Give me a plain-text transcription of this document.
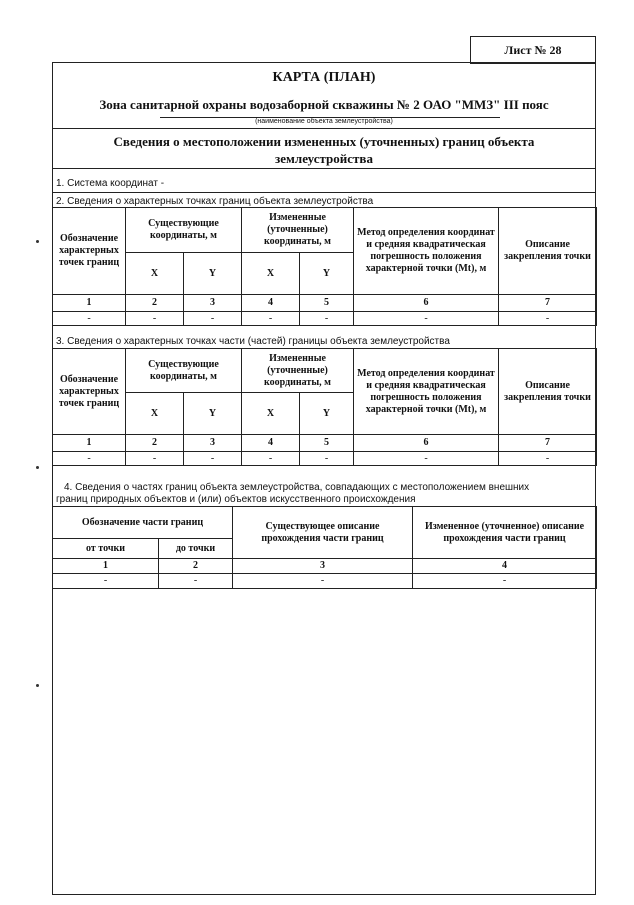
Лист № 28
КАРТА (ПЛАН)
Зона санитарной охраны водозаборной скважины № 2 ОАО "ММЗ" III пояс
(наименование объекта землеустройства)
Сведения о местоположении измененных (уточненных) границ объекта
землеустройства
1. Система координат -
2. Сведения о характерных точках границ объекта землеустройства
Обозначение характерных точек границ	Существующие координаты, м		Измененные (уточненные) координаты, м		Метод определения координат и средняя квадратическая погрешность положения характерной точки (Mt), м	Описание закрепления точки
	X	Y	X	Y		
1	2	3	4	5	6	7
-	-	-	-	-	-	-
3. Сведения о характерных точках части (частей) границы объекта землеустройства
Обозначение характерных точек границ	Существующие координаты, м		Измененные (уточненные) координаты, м		Метод определения координат и средняя квадратическая погрешность положения характерной точки (Mt), м	Описание закрепления точки
	X	Y	X	Y		
1	2	3	4	5	6	7
-	-	-	-	-	-	-
4. Сведения о частях границ объекта землеустройства, совпадающих с местоположением внешних
границ природных объектов и (или) объектов искусственного происхождения
Обозначение части границ		Существующее описание прохождения части границ	Измененное (уточненное) описание прохождения части границ
от точки	до точки		
1	2	3	4
-	-	-	-
